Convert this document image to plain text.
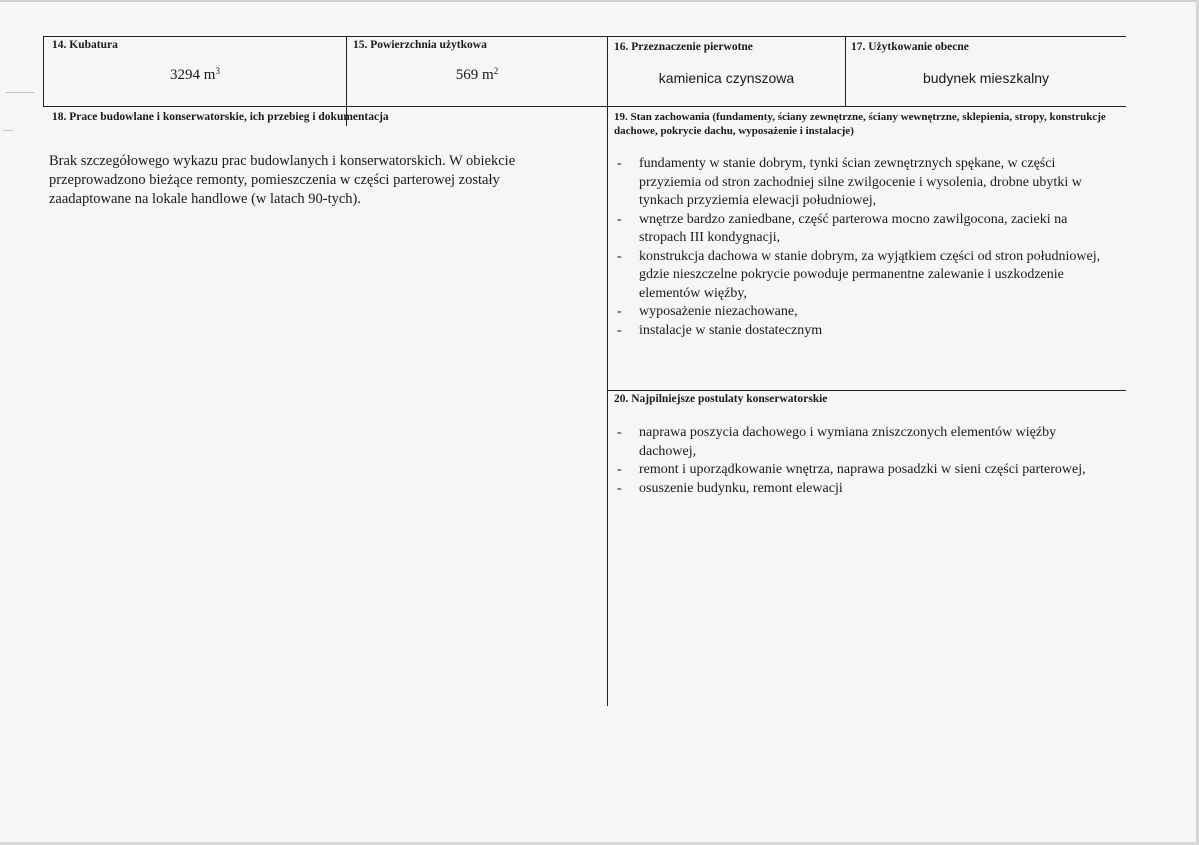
14. Kubatura
3294 $m^3$
15. Powierzchnia użytkowa
569 $m^2$
16. Przeznaczenie pierwotne
kamienica czynszowa
17. Użytkowanie obecne
budynek mieszkalny
18. Prace budowlane i konserwatorskie, ich przebieg i dokumentacja
Brak szczegółowego wykazu prac budowlanych i konserwatorskich. W obiekcie przeprowadzono bieżące remonty, pomieszczenia w części parterowej zostały zaadaptowane na lokale handlowe (w latach 90-tych).
19. Stan zachowania (fundamenty, ściany zewnętrzne, ściany wewnętrzne, sklepienia, stropy, konstrukcje dachowe, pokrycie dachu, wyposażenie i instalacje)
- fundamenty w stanie dobrym, tynki ścian zewnętrznych spękane, w części przyziemia od stron zachodniej silne zwilgocenie i wysolenia, drobne ubytki w tynkach przyziemia elewacji południowej,
- wnętrze bardzo zaniedbane, część parterowa mocno zawilgocona, zacieki na stropach III kondygnacji,
- konstrukcja dachowa w stanie dobrym, za wyjątkiem części od stron południowej, gdzie nieszczelne pokrycie powoduje permanentne zalewanie i uszkodzenie elementów więźby,
- wyposażenie niezachowane,
- instalacje w stanie dostatecznym
20. Najpilniejsze postulaty konserwatorskie
- naprawa poszycia dachowego i wymiana zniszczonych elementów więźby dachowej,
- remont i uporządkowanie wnętrza, naprawa posadzki w sieni części parterowej,
- osuszenie budynku, remont elewacji
